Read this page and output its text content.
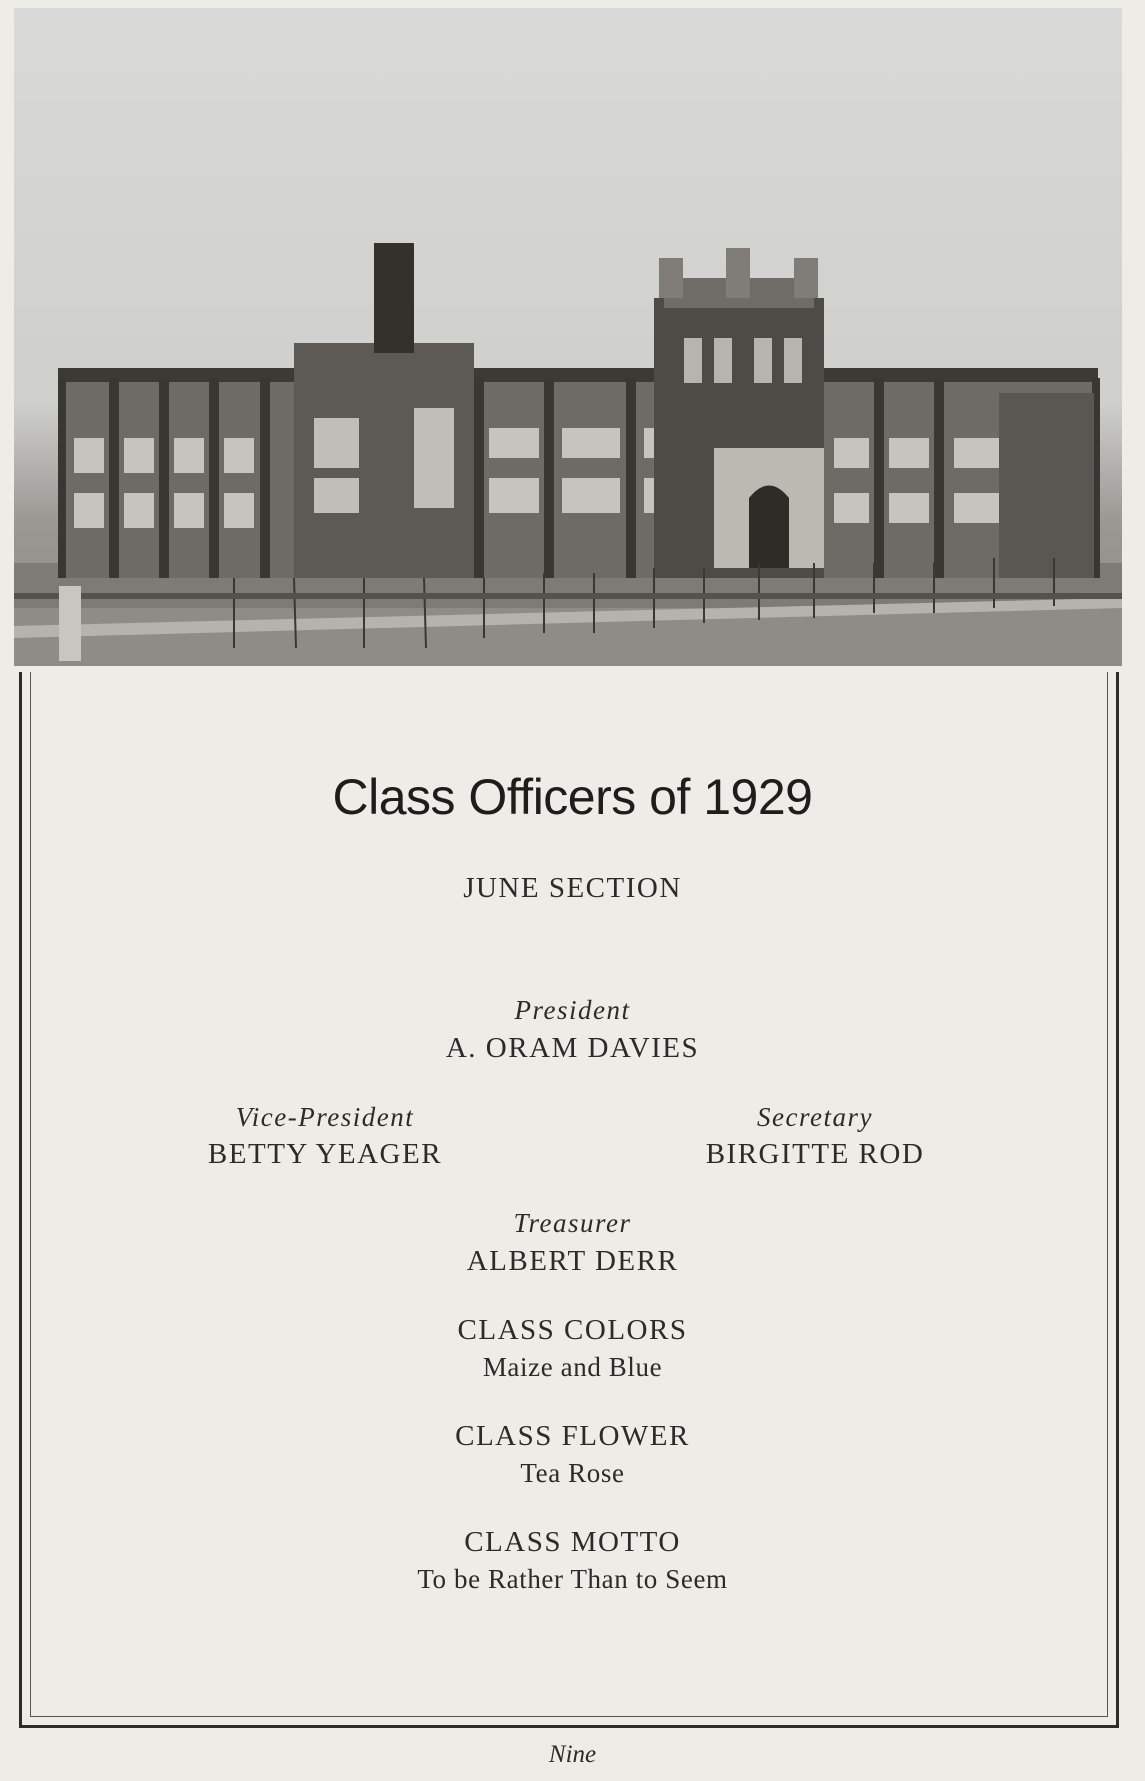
Class Officers of 1929
JUNE SECTION
President
A. ORAM DAVIES
Vice-President
BETTY YEAGER
Secretary
BIRGITTE ROD
Treasurer
ALBERT DERR
CLASS COLORS
Maize and Blue
CLASS FLOWER
Tea Rose
CLASS MOTTO
To be Rather Than to Seem
Nine
